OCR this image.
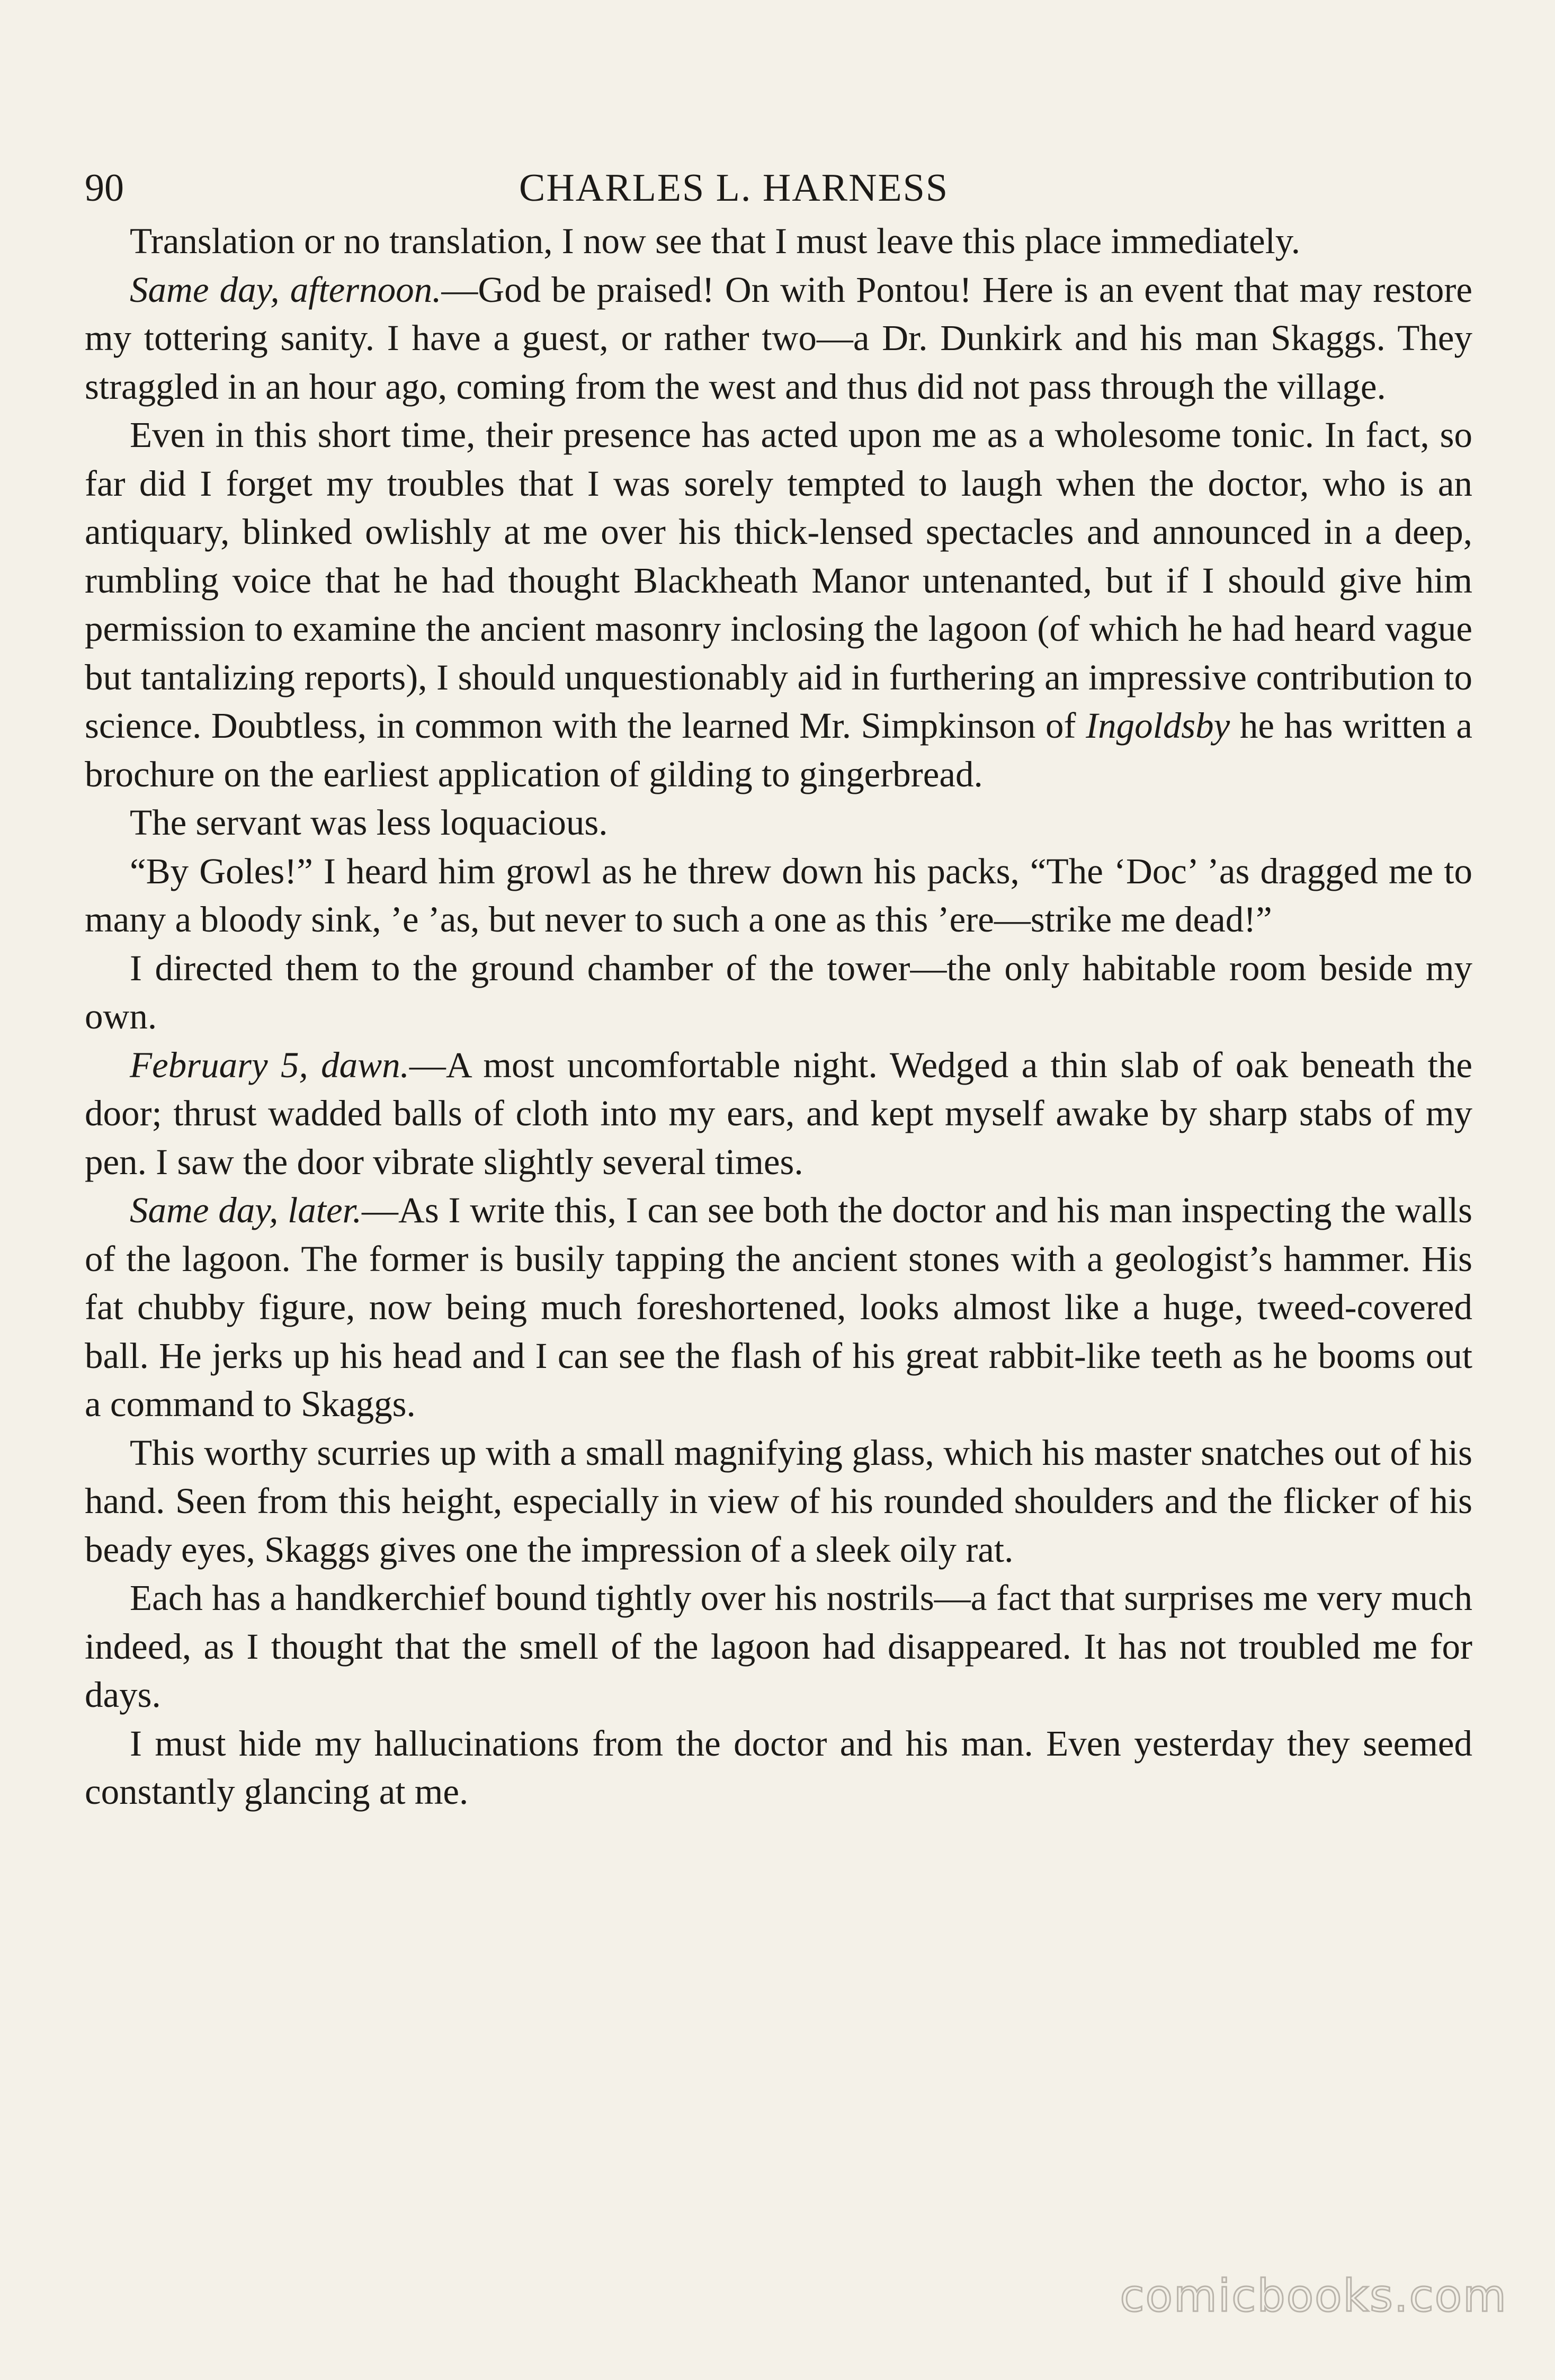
90	CHARLES L. HARNESS

Translation or no translation, I now see that I must leave this place immediately.

Same day, afternoon.—God be praised! On with Pontou! Here is an event that may restore my tottering sanity. I have a guest, or rather two—a Dr. Dunkirk and his man Skaggs. They straggled in an hour ago, coming from the west and thus did not pass through the village.

Even in this short time, their presence has acted upon me as a wholesome tonic. In fact, so far did I forget my troubles that I was sorely tempted to laugh when the doctor, who is an antiquary, blinked owlishly at me over his thick-lensed spectacles and announced in a deep, rumbling voice that he had thought Blackheath Manor untenanted, but if I should give him permission to examine the ancient masonry inclosing the lagoon (of which he had heard vague but tantalizing reports), I should unquestionably aid in furthering an impressive contribution to science. Doubtless, in common with the learned Mr. Simpkinson of Ingoldsby he has written a brochure on the earliest application of gilding to gingerbread.

The servant was less loquacious.

“By Goles!” I heard him growl as he threw down his packs, “The ‘Doc’ ’as dragged me to many a bloody sink, ’e ’as, but never to such a one as this ’ere—strike me dead!”

I directed them to the ground chamber of the tower—the only habitable room beside my own.

February 5, dawn.—A most uncomfortable night. Wedged a thin slab of oak beneath the door; thrust wadded balls of cloth into my ears, and kept myself awake by sharp stabs of my pen. I saw the door vibrate slightly several times.

Same day, later.—As I write this, I can see both the doctor and his man inspecting the walls of the lagoon. The former is busily tapping the ancient stones with a geologist’s hammer. His fat chubby figure, now being much foreshortened, looks almost like a huge, tweed-covered ball. He jerks up his head and I can see the flash of his great rabbit-like teeth as he booms out a command to Skaggs.

This worthy scurries up with a small magnifying glass, which his master snatches out of his hand. Seen from this height, especially in view of his rounded shoulders and the flicker of his beady eyes, Skaggs gives one the impression of a sleek oily rat.

Each has a handkerchief bound tightly over his nostrils—a fact that surprises me very much indeed, as I thought that the smell of the lagoon had disappeared. It has not troubled me for days.

I must hide my hallucinations from the doctor and his man. Even yesterday they seemed constantly glancing at me.

comicbooks.com
